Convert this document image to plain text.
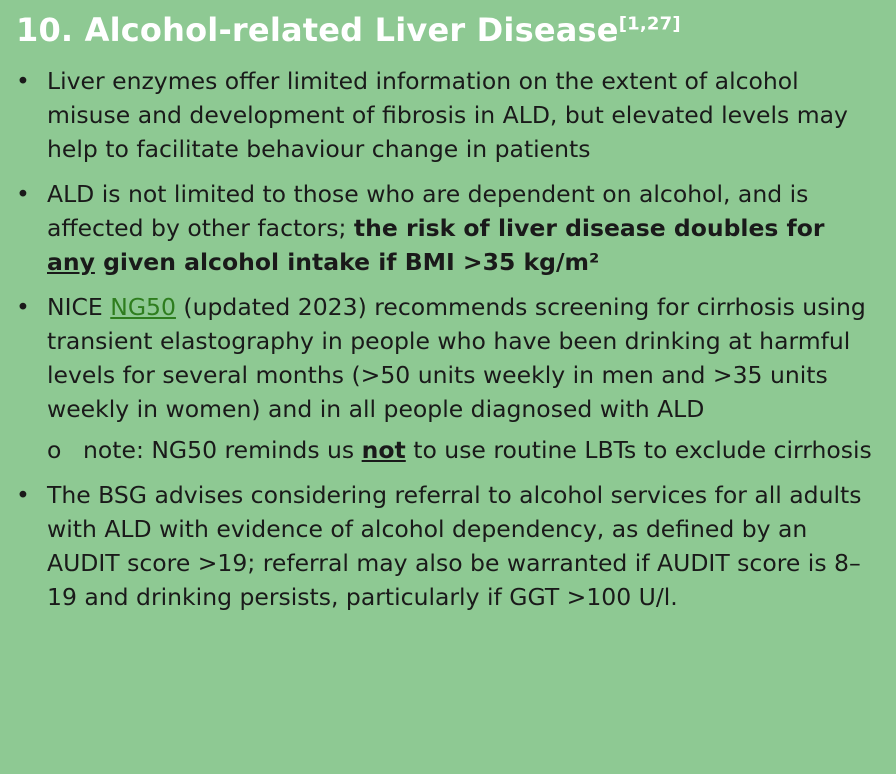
10. Alcohol-related Liver Disease[1,27]
• Liver enzymes offer limited information on the extent of alcohol misuse and development of fibrosis in ALD, but elevated levels may help to facilitate behaviour change in patients
• ALD is not limited to those who are dependent on alcohol, and is affected by other factors; the risk of liver disease doubles for any given alcohol intake if BMI >35 kg/m²
• NICE NG50 (updated 2023) recommends screening for cirrhosis using transient elastography in people who have been drinking at harmful levels for several months (>50 units weekly in men and >35 units weekly in women) and in all people diagnosed with ALD
o note: NG50 reminds us not to use routine LBTs to exclude cirrhosis
• The BSG advises considering referral to alcohol services for all adults with ALD with evidence of alcohol dependency, as defined by an AUDIT score >19; referral may also be warranted if AUDIT score is 8–19 and drinking persists, particularly if GGT >100 U/l.
